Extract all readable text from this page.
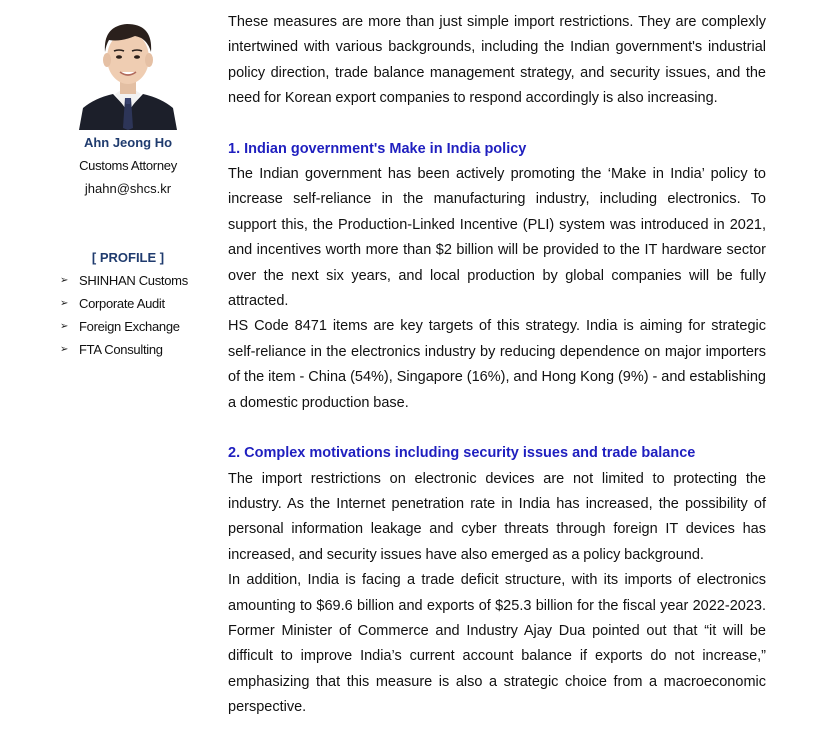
Ahn Jeong Ho
Customs Attorney
jhahn@shcs.kr
[ PROFILE ]
➢ SHINHAN Customs
➢ Corporate Audit
➢ Foreign Exchange
➢ FTA Consulting

These measures are more than just simple import restrictions. They are complexly intertwined with various backgrounds, including the Indian government's industrial policy direction, trade balance management strategy, and security issues, and the need for Korean export companies to respond accordingly is also increasing.

1. Indian government's Make in India policy

The Indian government has been actively promoting the ‘Make in India’ policy to increase self-reliance in the manufacturing industry, including electronics. To support this, the Production-Linked Incentive (PLI) system was introduced in 2021, and incentives worth more than $2 billion will be provided to the IT hardware sector over the next six years, and local production by global companies will be fully attracted.

HS Code 8471 items are key targets of this strategy. India is aiming for strategic self-reliance in the electronics industry by reducing dependence on major importers of the item - China (54%), Singapore (16%), and Hong Kong (9%) - and establishing a domestic production base.

2. Complex motivations including security issues and trade balance

The import restrictions on electronic devices are not limited to protecting the industry. As the Internet penetration rate in India has increased, the possibility of personal information leakage and cyber threats through foreign IT devices has increased, and security issues have also emerged as a policy background.

In addition, India is facing a trade deficit structure, with its imports of electronics amounting to $69.6 billion and exports of $25.3 billion for the fiscal year 2022-2023. Former Minister of Commerce and Industry Ajay Dua pointed out that “it will be difficult to improve India’s current account balance if exports do not increase,” emphasizing that this measure is also a strategic choice from a macroeconomic perspective.
